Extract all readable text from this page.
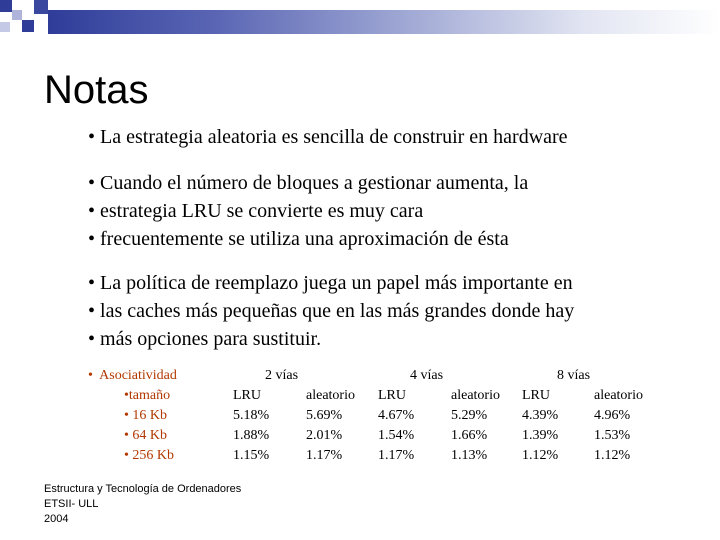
Notas
• La estrategia aleatoria es sencilla de construir en hardware
• Cuando el número de bloques a gestionar aumenta, la
• estrategia LRU se convierte es muy cara
• frecuentemente se utiliza una aproximación de ésta
• La política de reemplazo juega un papel más importante en
• las caches más pequeñas que en las más grandes donde hay
• más opciones para sustituir.
• Asociatividad	2 vías	4 vías	8 vías
•tamaño	LRU	aleatorio LRU	aleatorio LRU	aleatorio
• 16 Kb	5.18%	5.69%	4.67%	5.29% 4.39%	4.96%
• 64 Kb	1.88%	2.01%	1.54%	1.66% 1.39%	1.53%
• 256 Kb	1.15%	1.17%	1.17%	1.13% 1.12%	1.12%
Estructura y Tecnología de Ordenadores
ETSII- ULL
2004
